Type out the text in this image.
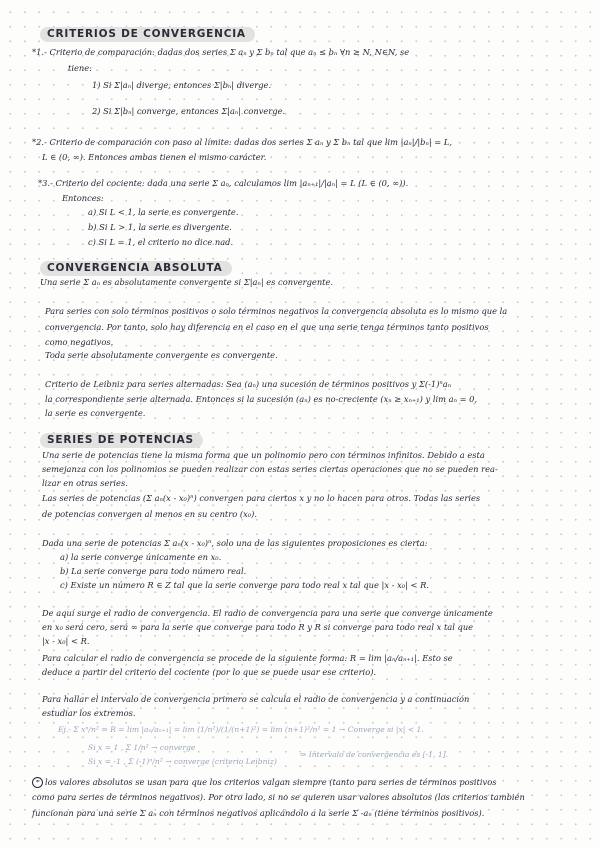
CRITERIOS DE CONVERGENCIA
*1.- Criterio de comparación: dadas dos series Σ aₙ y Σ bₙ tal que aₙ ≤ bₙ ∀n ≥ N, N∈N, se
tiene:
1) Si Σ|aₙ| diverge, entonces Σ|bₙ| diverge.
2) Si Σ|bₙ| converge, entonces Σ|aₙ| converge.
*2.- Criterio de comparación con paso al límite: dadas dos series Σ aₙ y Σ bₙ tal que lim |aₙ|/|bₙ| = L,
L ∈ (0, ∞). Entonces ambas tienen el mismo carácter.
*3.- Criterio del cociente: dada una serie Σ aₙ, calculamos lim |aₙ₊₁|/|aₙ| = L (L ∈ (0, ∞)).
Entonces:
a) Si L < 1, la serie es convergente.
b) Si L > 1, la serie es divergente.
c) Si L = 1, el criterio no dice nad.
CONVERGENCIA ABSOLUTA
Una serie Σ aₙ es absolutamente convergente si Σ|aₙ| es convergente.
Para series con solo términos positivos o solo términos negativos la convergencia absoluta es lo mismo que la
convergencia. Por tanto, solo hay diferencia en el caso en el que una serie tenga términos tanto positivos
como negativos.
Toda serie absolutamente convergente es convergente.
Criterio de Leibniz para series alternadas: Sea (aₙ) una sucesión de términos positivos y Σ(-1)ⁿaₙ
la correspondiente serie alternada. Entonces si la sucesión (aₙ) es no-creciente (xₙ ≥ xₙ₊₁) y lim aₙ = 0,
la serie es convergente.
SERIES DE POTENCIAS
Una serie de potencias tiene la misma forma que un polinomio pero con términos infinitos. Debido a esta
semejanza con los polinomios se pueden realizar con estas series ciertas operaciones que no se pueden rea-
lizar en otras series.
Las series de potencias (Σ aₙ(x - x₀)ⁿ) convergen para ciertos x y no lo hacen para otros. Todas las series
de potencias convergen al menos en su centro (x₀).
Dada una serie de potencias Σ aₙ(x - x₀)ⁿ, solo una de las siguientes proposiciones es cierta:
a) la serie converge únicamente en x₀.
b) La serie converge para todo número real.
c) Existe un número R ∈ Z tal que la serie converge para todo real x tal que |x - x₀| < R.
De aquí surge el radio de convergencia. El radio de convergencia para una serie que converge únicamente
en x₀ será cero, será ∞ para la serie que converge para todo R y R si converge para todo real x tal que
|x - x₀| < R.
Para calcular el radio de convergencia se procede de la siguiente forma: R = lim |aₙ/aₙ₊₁|. Esto se
deduce a partir del criterio del cociente (por lo que se puede usar ese criterio).
Para hallar el intervalo de convergencia primero se calcula el radio de convergencia y a continuación
estudiar los extremos.
Ej.- Σ xⁿ/n² ⇒ R = lim |aₙ/aₙ₊₁| = lim (1/n²)/(1/(n+1)²) = lim (n+1)²/n² = 1 → Converge si |x| < 1.
Si x = 1 , Σ 1/n² → converge
Si x = -1 , Σ (-1)ⁿ/n² → converge (criterio Leibniz)
⇒ Intervalo de convergencia es [-1, 1].
* los valores absolutos se usan para que los criterios valgan siempre (tanto para series de términos positivos
como para series de términos negativos). Por otro lado, si no se quieren usar valores absolutos (los criterios también
funcionan para una serie Σ aₙ con términos negativos aplicándolo a la serie Σ -aₙ (tiene términos positivos).
